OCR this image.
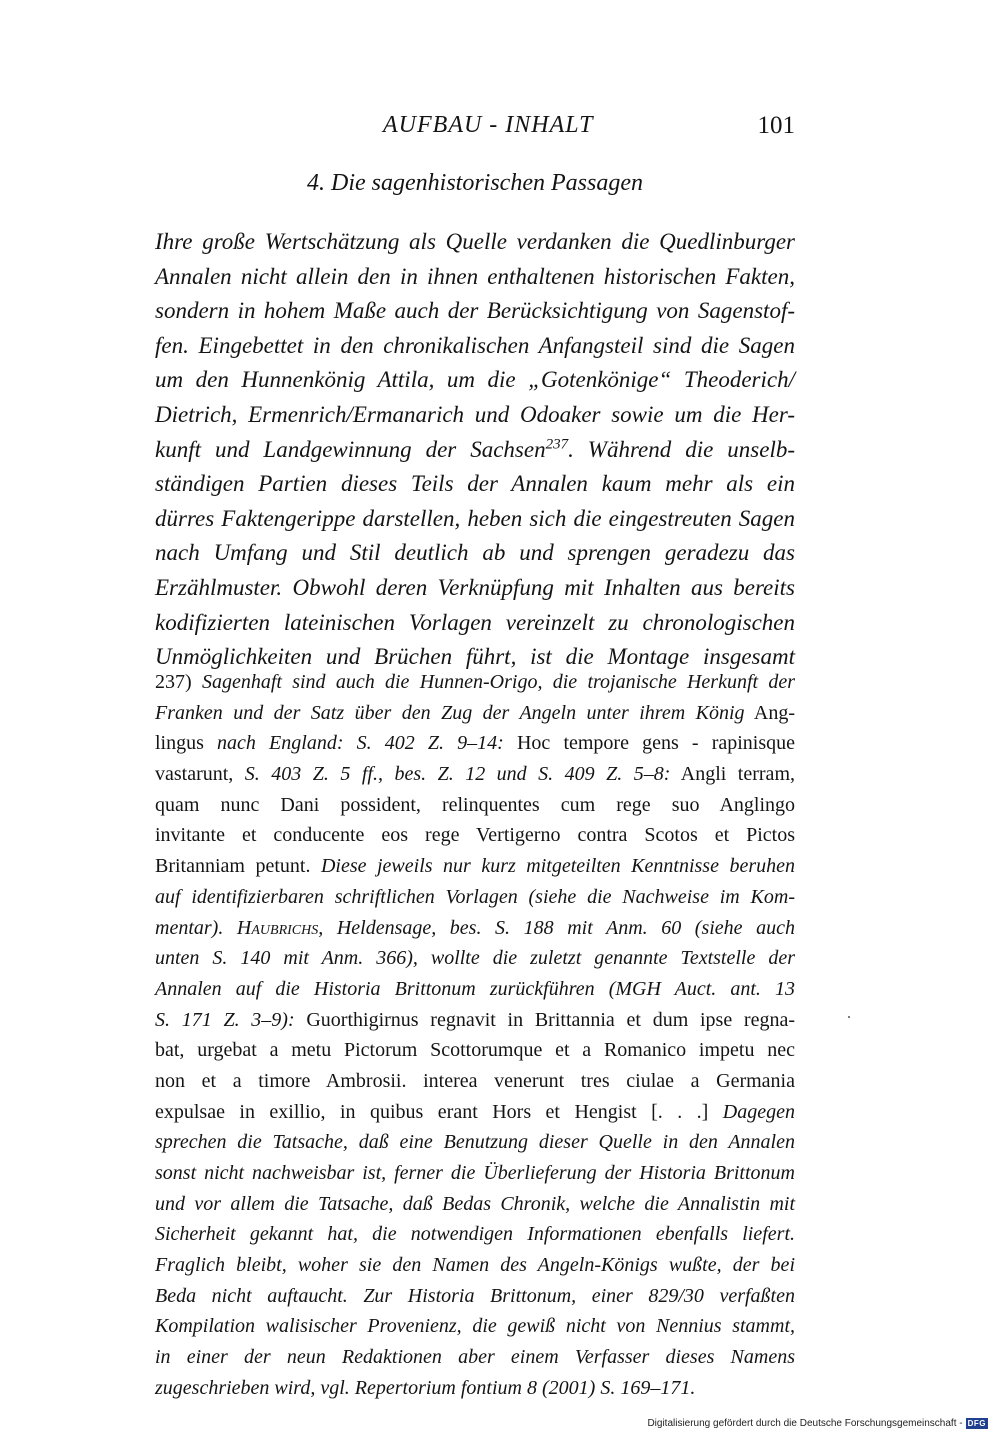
AUFBAU - INHALT	101
4. Die sagenhistorischen Passagen
Ihre große Wertschätzung als Quelle verdanken die Quedlinburger
Annalen nicht allein den in ihnen enthaltenen historischen Fakten,
sondern in hohem Maße auch der Berücksichtigung von Sagenstof-
fen. Eingebettet in den chronikalischen Anfangsteil sind die Sagen
um den Hunnenkönig Attila, um die „Gotenkönige“ Theoderich/
Dietrich, Ermenrich/Ermanarich und Odoaker sowie um die Her-
kunft und Landgewinnung der Sachsen$^{237}$. Während die unselb-
ständigen Partien dieses Teils der Annalen kaum mehr als ein
dürres Faktengerippe darstellen, heben sich die eingestreuten Sagen
nach Umfang und Stil deutlich ab und sprengen geradezu das
Erzählmuster. Obwohl deren Verknüpfung mit Inhalten aus bereits
kodifizierten lateinischen Vorlagen vereinzelt zu chronologischen
Unmöglichkeiten und Brüchen führt, ist die Montage insgesamt
237) Sagenhaft sind auch die Hunnen-Origo, die trojanische Herkunft der
Franken und der Satz über den Zug der Angeln unter ihrem König Ang-
lingus nach England: S. 402 Z. 9–14: Hoc tempore gens - rapinisque
vastarunt, S. 403 Z. 5 ff., bes. Z. 12 und S. 409 Z. 5–8: Angli terram,
quam nunc Dani possident, relinquentes cum rege suo Anglingo
invitante et conducente eos rege Vertigerno contra Scotos et Pictos
Britanniam petunt. Diese jeweils nur kurz mitgeteilten Kenntnisse beruhen
auf identifizierbaren schriftlichen Vorlagen (siehe die Nachweise im Kom-
mentar). Haubrichs, Heldensage, bes. S. 188 mit Anm. 60 (siehe auch
unten S. 140 mit Anm. 366), wollte die zuletzt genannte Textstelle der
Annalen auf die Historia Brittonum zurückführen (MGH Auct. ant. 13
S. 171 Z. 3–9): Guorthigirnus regnavit in Brittannia et dum ipse regna-
bat, urgebat a metu Pictorum Scottorumque et a Romanico impetu nec
non et a timore Ambrosii. interea venerunt tres ciulae a Germania
expulsae in exillio, in quibus erant Hors et Hengist [. . .] Dagegen
sprechen die Tatsache, daß eine Benutzung dieser Quelle in den Annalen
sonst nicht nachweisbar ist, ferner die Überlieferung der Historia Brittonum
und vor allem die Tatsache, daß Bedas Chronik, welche die Annalistin mit
Sicherheit gekannt hat, die notwendigen Informationen ebenfalls liefert.
Fraglich bleibt, woher sie den Namen des Angeln-Königs wußte, der bei
Beda nicht auftaucht. Zur Historia Brittonum, einer 829/30 verfaßten
Kompilation walisischer Provenienz, die gewiß nicht von Nennius stammt,
in einer der neun Redaktionen aber einem Verfasser dieses Namens
zugeschrieben wird, vgl. Repertorium fontium 8 (2001) S. 169–171.
Digitalisierung gefördert durch die Deutsche Forschungsgemeinschaft - DFG
